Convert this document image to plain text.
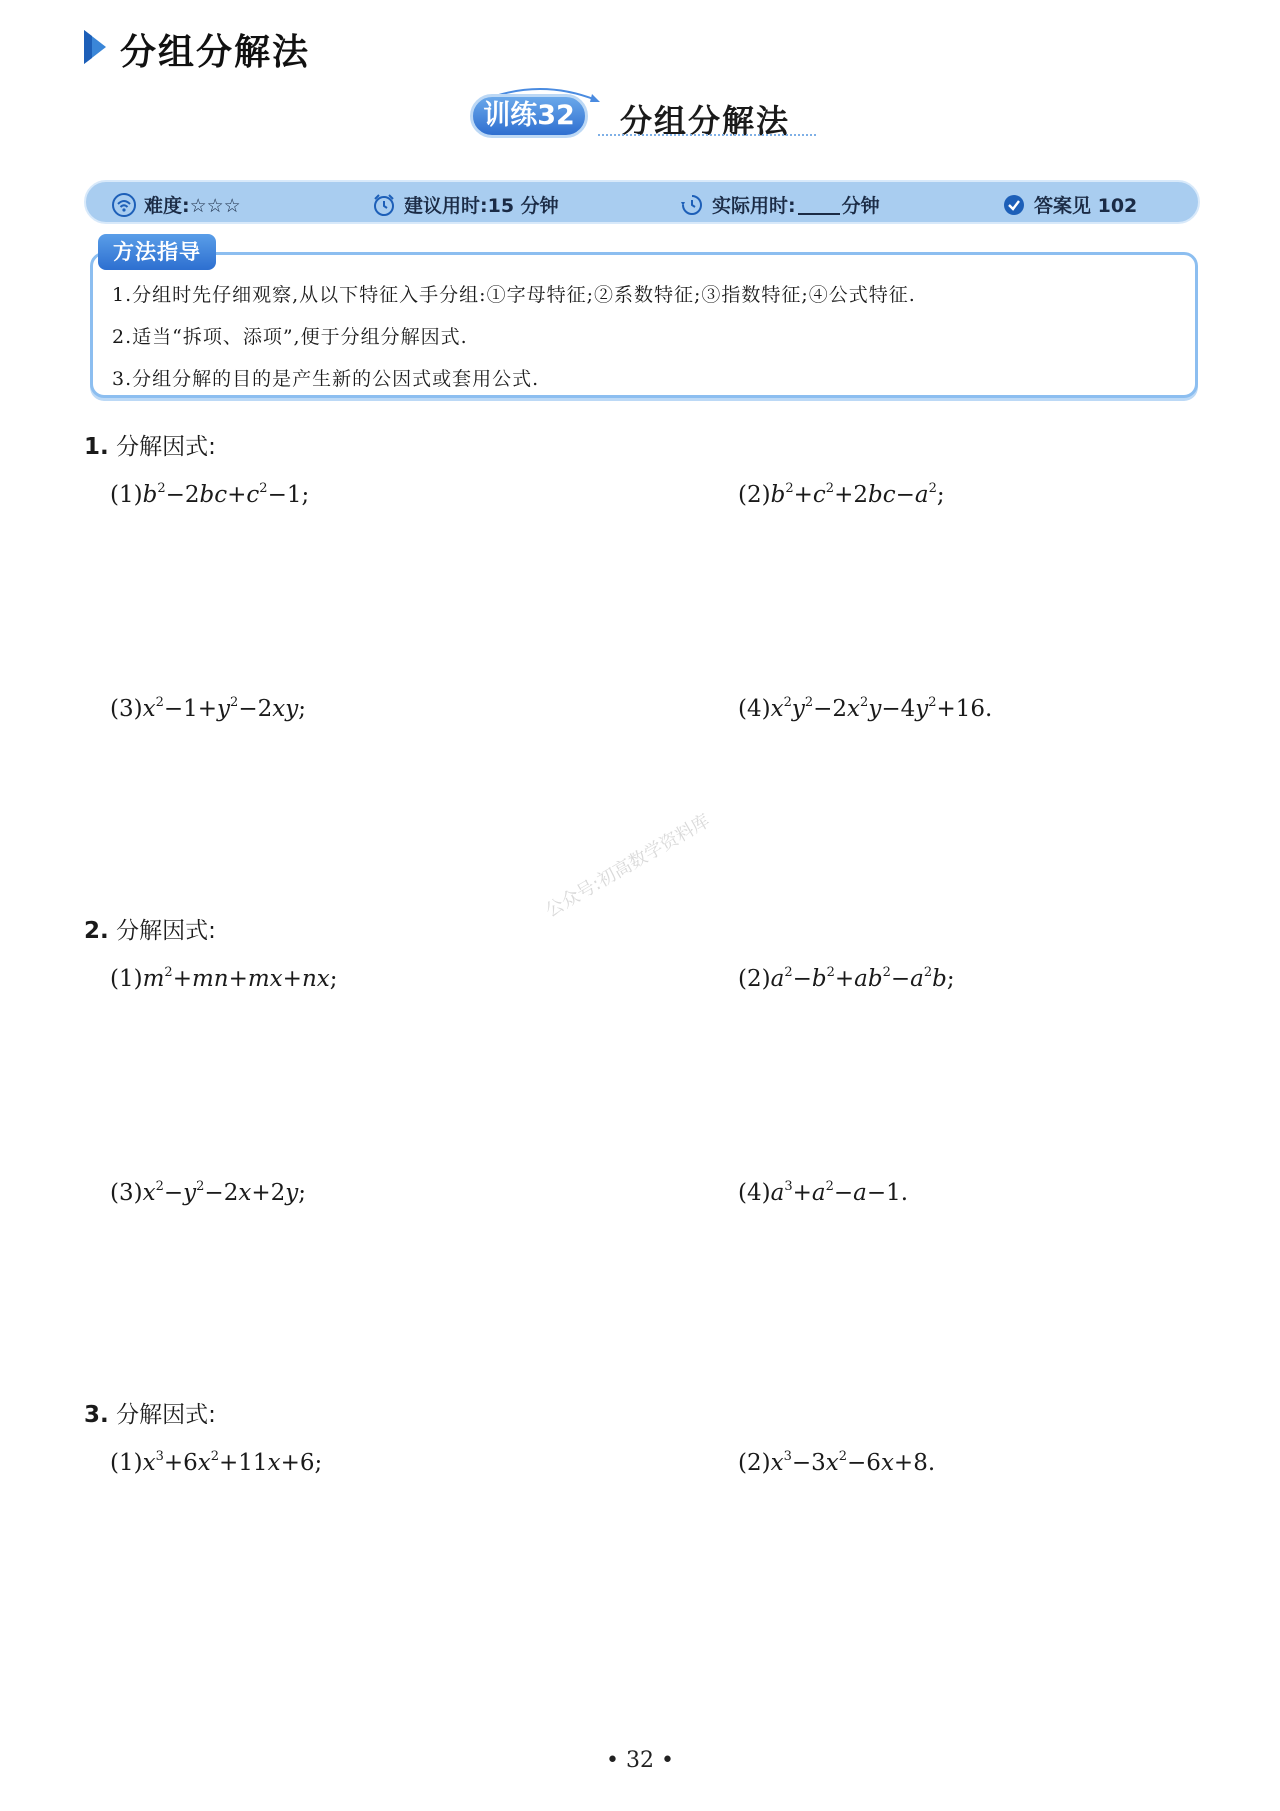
分组分解法
训练32	分组分解法
难度:☆☆☆	建议用时:15 分钟	实际用时: 分钟	答案见 102
方法指导
1.分组时先仔细观察,从以下特征入手分组:①字母特征;②系数特征;③指数特征;④公式特征.
2.适当“拆项、添项”,便于分组分解因式.
3.分组分解的目的是产生新的公因式或套用公式.
1. 分解因式:
$(1)b^2-2bc+c^2-1$;	$(2)b^2+c^2+2bc-a^2$;
$(3)x^2-1+y^2-2xy$;	$(4)x^2y^2-2x^2y-4y^2+16$.
2. 分解因式:
$(1)m^2+mn+mx+nx$;	$(2)a^2-b^2+ab^2-a^2b$;
$(3)x^2-y^2-2x+2y$;	$(4)a^3+a^2-a-1$.
3. 分解因式:
$(1)x^3+6x^2+11x+6$;	$(2)x^3-3x^2-6x+8$.
公众号:初高数学资料库
• 32 •
